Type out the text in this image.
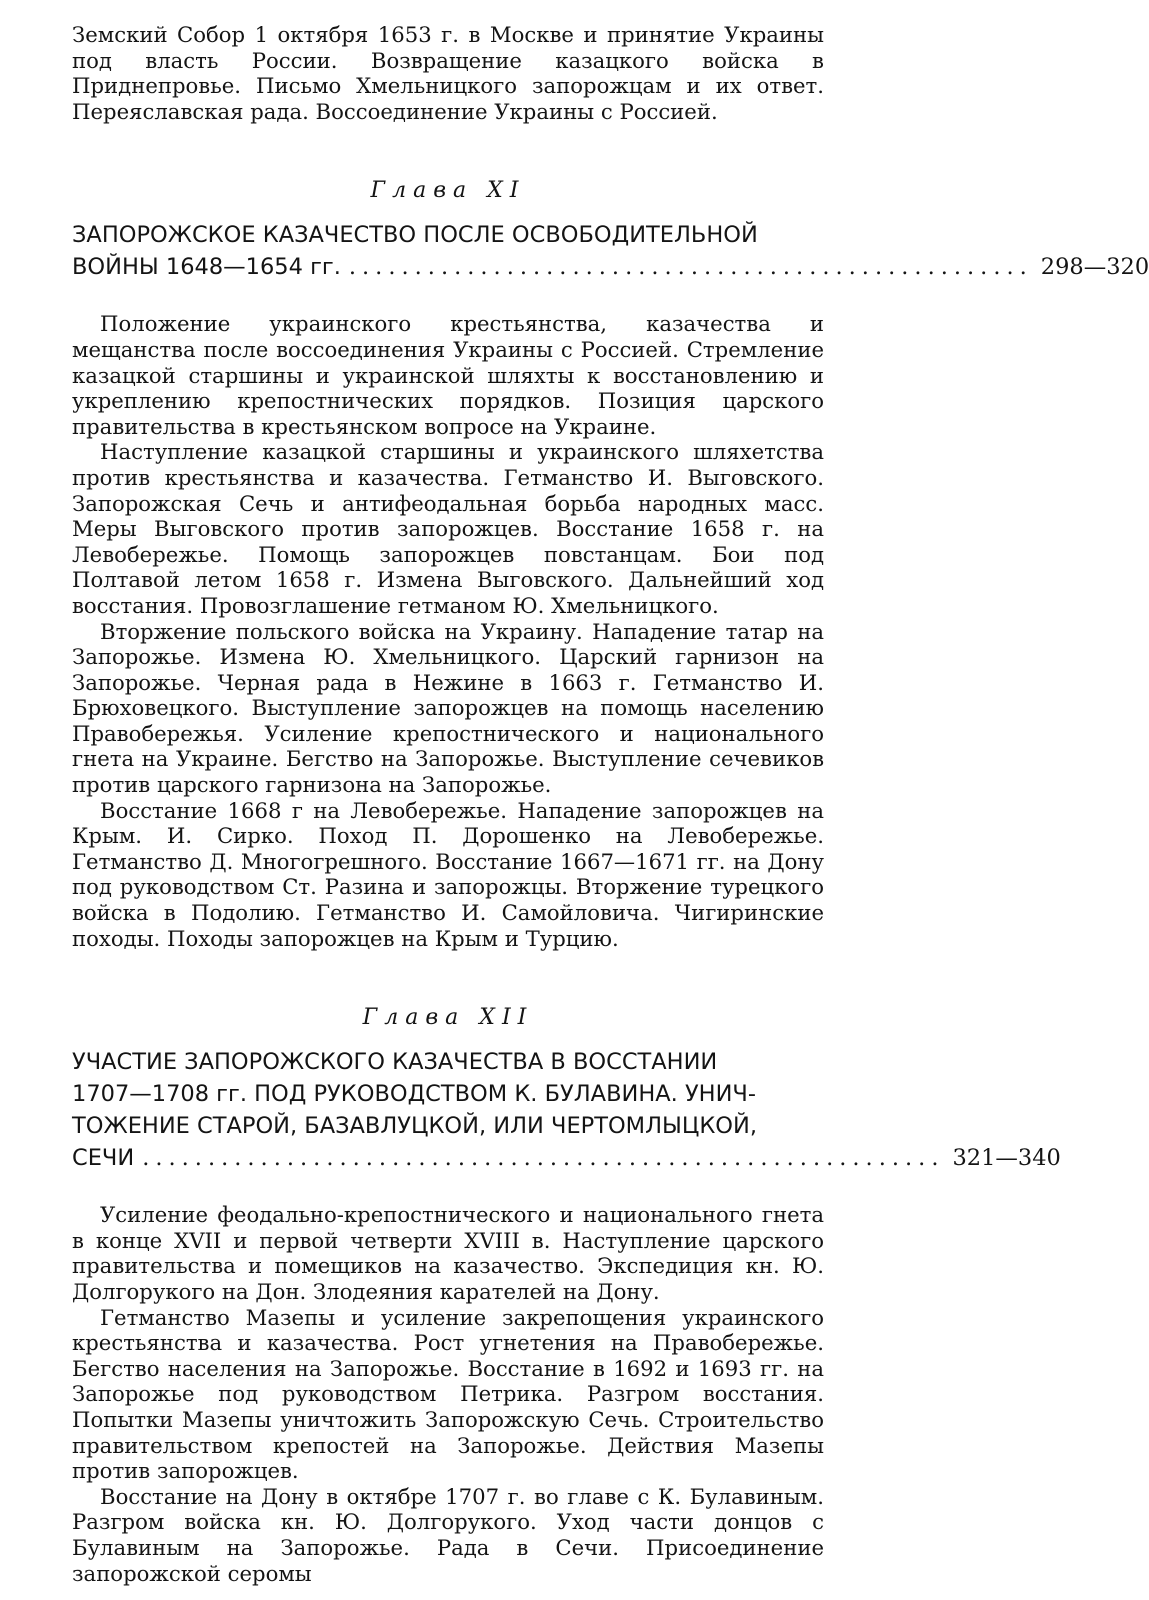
Земский Собор 1 октября 1653 г. в Москве и принятие Украины под власть России. Возвращение казацкого войска в Приднепровье. Письмо Хмельницкого запорожцам и их ответ. Переяславская рада. Воссоединение Украины с Россией.

Глава XI

ЗАПОРОЖСКОЕ КАЗАЧЕСТВО ПОСЛЕ ОСВОБОДИТЕЛЬНОЙ
ВОЙНЫ 1648—1654 гг. .................................................... 298—320

Положение украинского крестьянства, казачества и мещанства после воссоединения Украины с Россией. Стремление казацкой старшины и украинской шляхты к восстановлению и укреплению крепостнических порядков. Позиция царского правительства в крестьянском вопросе на Украине.

Наступление казацкой старшины и украинского шляхетства против крестьянства и казачества. Гетманство И. Выговского. Запорожская Сечь и антифеодальная борьба народных масс. Меры Выговского против запорожцев. Восстание 1658 г. на Левобережье. Помощь запорожцев повстанцам. Бои под Полтавой летом 1658 г. Измена Выговского. Дальнейший ход восстания. Провозглашение гетманом Ю. Хмельницкого.

Вторжение польского войска на Украину. Нападение татар на Запорожье. Измена Ю. Хмельницкого. Царский гарнизон на Запорожье. Черная рада в Нежине в 1663 г. Гетманство И. Брюховецкого. Выступление запорожцев на помощь населению Правобережья. Усиление крепостнического и национального гнета на Украине. Бегство на Запорожье. Выступление сечевиков против царского гарнизона на Запорожье.

Восстание 1668 г на Левобережье. Нападение запорожцев на Крым. И. Сирко. Поход П. Дорошенко на Левобережье. Гетманство Д. Многогрешного. Восстание 1667—1671 гг. на Дону под руководством Ст. Разина и запорожцы. Вторжение турецкого войска в Подолию. Гетманство И. Самойловича. Чигиринские походы. Походы запорожцев на Крым и Турцию.

Глава XII

УЧАСТИЕ ЗАПОРОЖСКОГО КАЗАЧЕСТВА В ВОССТАНИИ
1707—1708 гг. ПОД РУКОВОДСТВОМ К. БУЛАВИНА. УНИЧ-
ТОЖЕНИЕ СТАРОЙ, БАЗАВЛУЦКОЙ, ИЛИ ЧЕРТОМЛЫЦКОЙ,
СЕЧИ ............................................................. 321—340

Усиление феодально-крепостнического и национального гнета в конце XVII и первой четверти XVIII в. Наступление царского правительства и помещиков на казачество. Экспедиция кн. Ю. Долгорукого на Дон. Злодеяния карателей на Дону.

Гетманство Мазепы и усиление закрепощения украинского крестьянства и казачества. Рост угнетения на Правобережье. Бегство населения на Запорожье. Восстание в 1692 и 1693 гг. на Запорожье под руководством Петрика. Разгром восстания. Попытки Мазепы уничтожить Запорожскую Сечь. Строительство правительством крепостей на Запорожье. Действия Мазепы против запорожцев.

Восстание на Дону в октябре 1707 г. во главе с К. Булавиным. Разгром войска кн. Ю. Долгорукого. Уход части донцов с Булавиным на Запорожье. Рада в Сечи. Присоединение запорожской серомы
